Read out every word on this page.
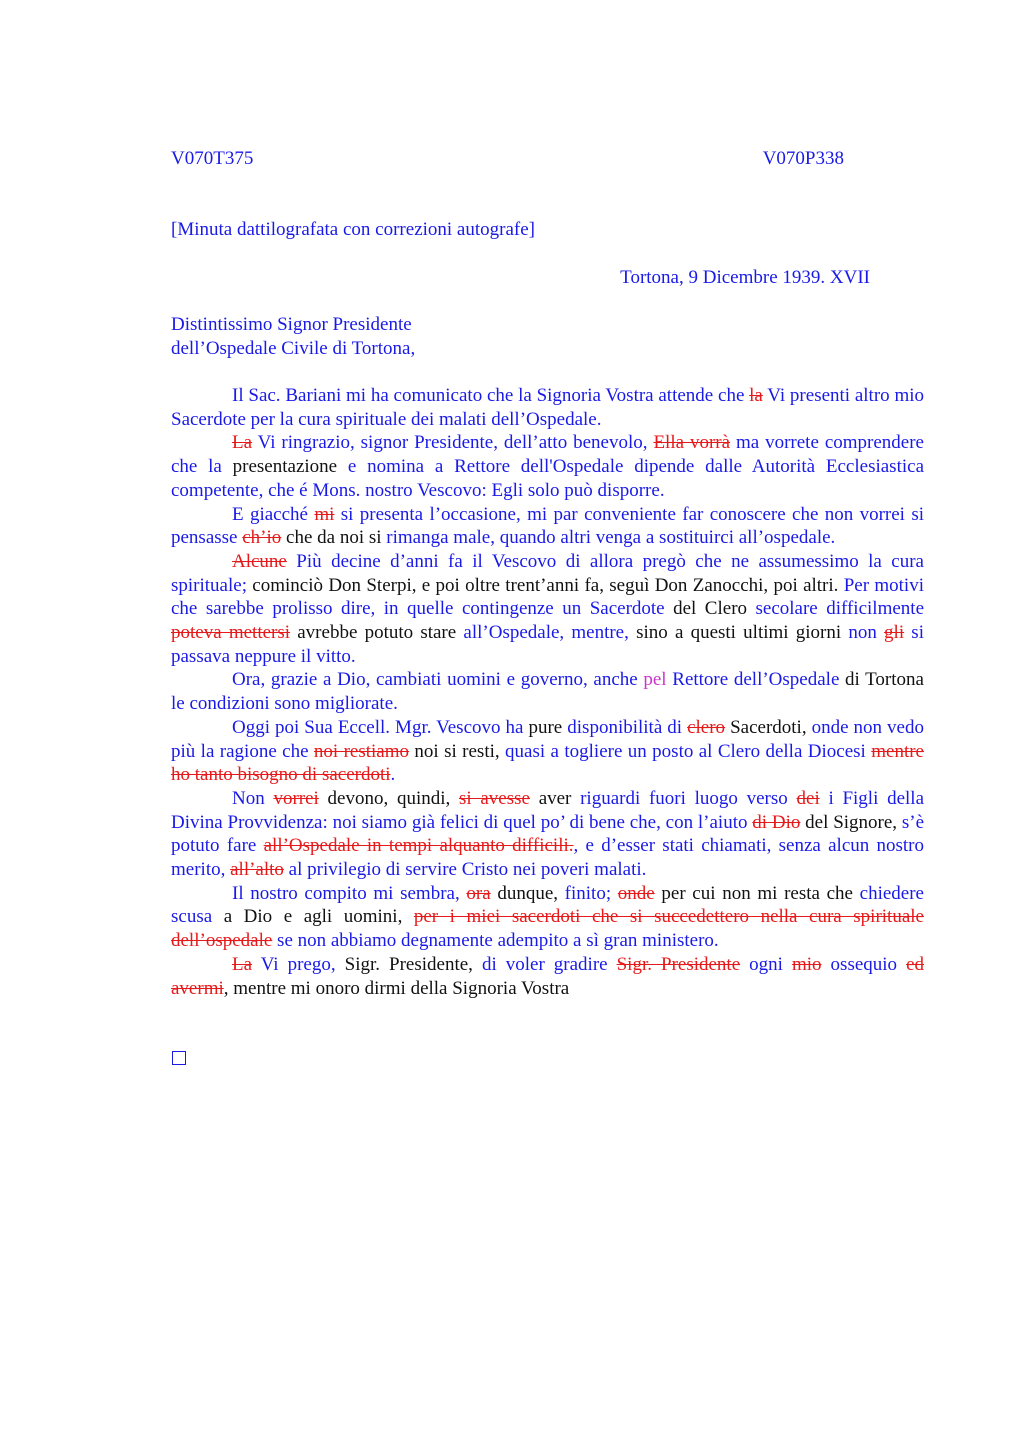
V070T375	V070P338
[Minuta dattilografata con correzioni autografe]
Tortona, 9 Dicembre 1939. XVII
Distintissimo Signor Presidente
dell’Ospedale Civile di Tortona,

Il Sac. Bariani mi ha comunicato che la Signoria Vostra attende che la Vi presenti altro mio Sacerdote per la cura spirituale dei malati dell’Ospedale.

La Vi ringrazio, signor Presidente, dell’atto benevolo, Ella vorrà ma vorrete comprendere che la presentazione e nomina a Rettore dell'Ospedale dipende dalle Autorità Ecclesiastica competente, che é Mons. nostro Vescovo: Egli solo può disporre.

E giacché mi si presenta l’occasione, mi par conveniente far conoscere che non vorrei si pensasse ch’io che da noi si rimanga male, quando altri venga a sostituirci all’ospedale.

Alcune Più decine d’anni fa il Vescovo di allora pregò che ne assumessimo la cura spirituale; cominciò Don Sterpi, e poi oltre trent’anni fa, seguì Don Zanocchi, poi altri. Per motivi che sarebbe prolisso dire, in quelle contingenze un Sacerdote del Clero secolare difficilmente poteva mettersi avrebbe potuto stare all’Ospedale, mentre, sino a questi ultimi giorni non gli si passava neppure il vitto.

Ora, grazie a Dio, cambiati uomini e governo, anche pel Rettore dell’Ospedale di Tortona le condizioni sono migliorate.

Oggi poi Sua Eccell. Mgr. Vescovo ha pure disponibilità di clero Sacerdoti, onde non vedo più la ragione che noi restiamo noi si resti, quasi a togliere un posto al Clero della Diocesi mentre ho tanto bisogno di sacerdoti.

Non vorrei devono, quindi, si avesse aver riguardi fuori luogo verso dei i Figli della Divina Provvidenza: noi siamo già felici di quel po’ di bene che, con l’aiuto di Dio del Signore, s’è potuto fare all’Ospedale in tempi alquanto difficili., e d’esser stati chiamati, senza alcun nostro merito, all’alto al privilegio di servire Cristo nei poveri malati.

Il nostro compito mi sembra, ora dunque, finito; onde per cui non mi resta che chiedere scusa a Dio e agli uomini, per i miei sacerdoti che si succedettero nella cura spirituale dell’ospedale se non abbiamo degnamente adempito a sì gran ministero.

La Vi prego, Sigr. Presidente, di voler gradire Sigr. Presidente ogni mio ossequio ed avermi, mentre mi onoro dirmi della Signoria Vostra
